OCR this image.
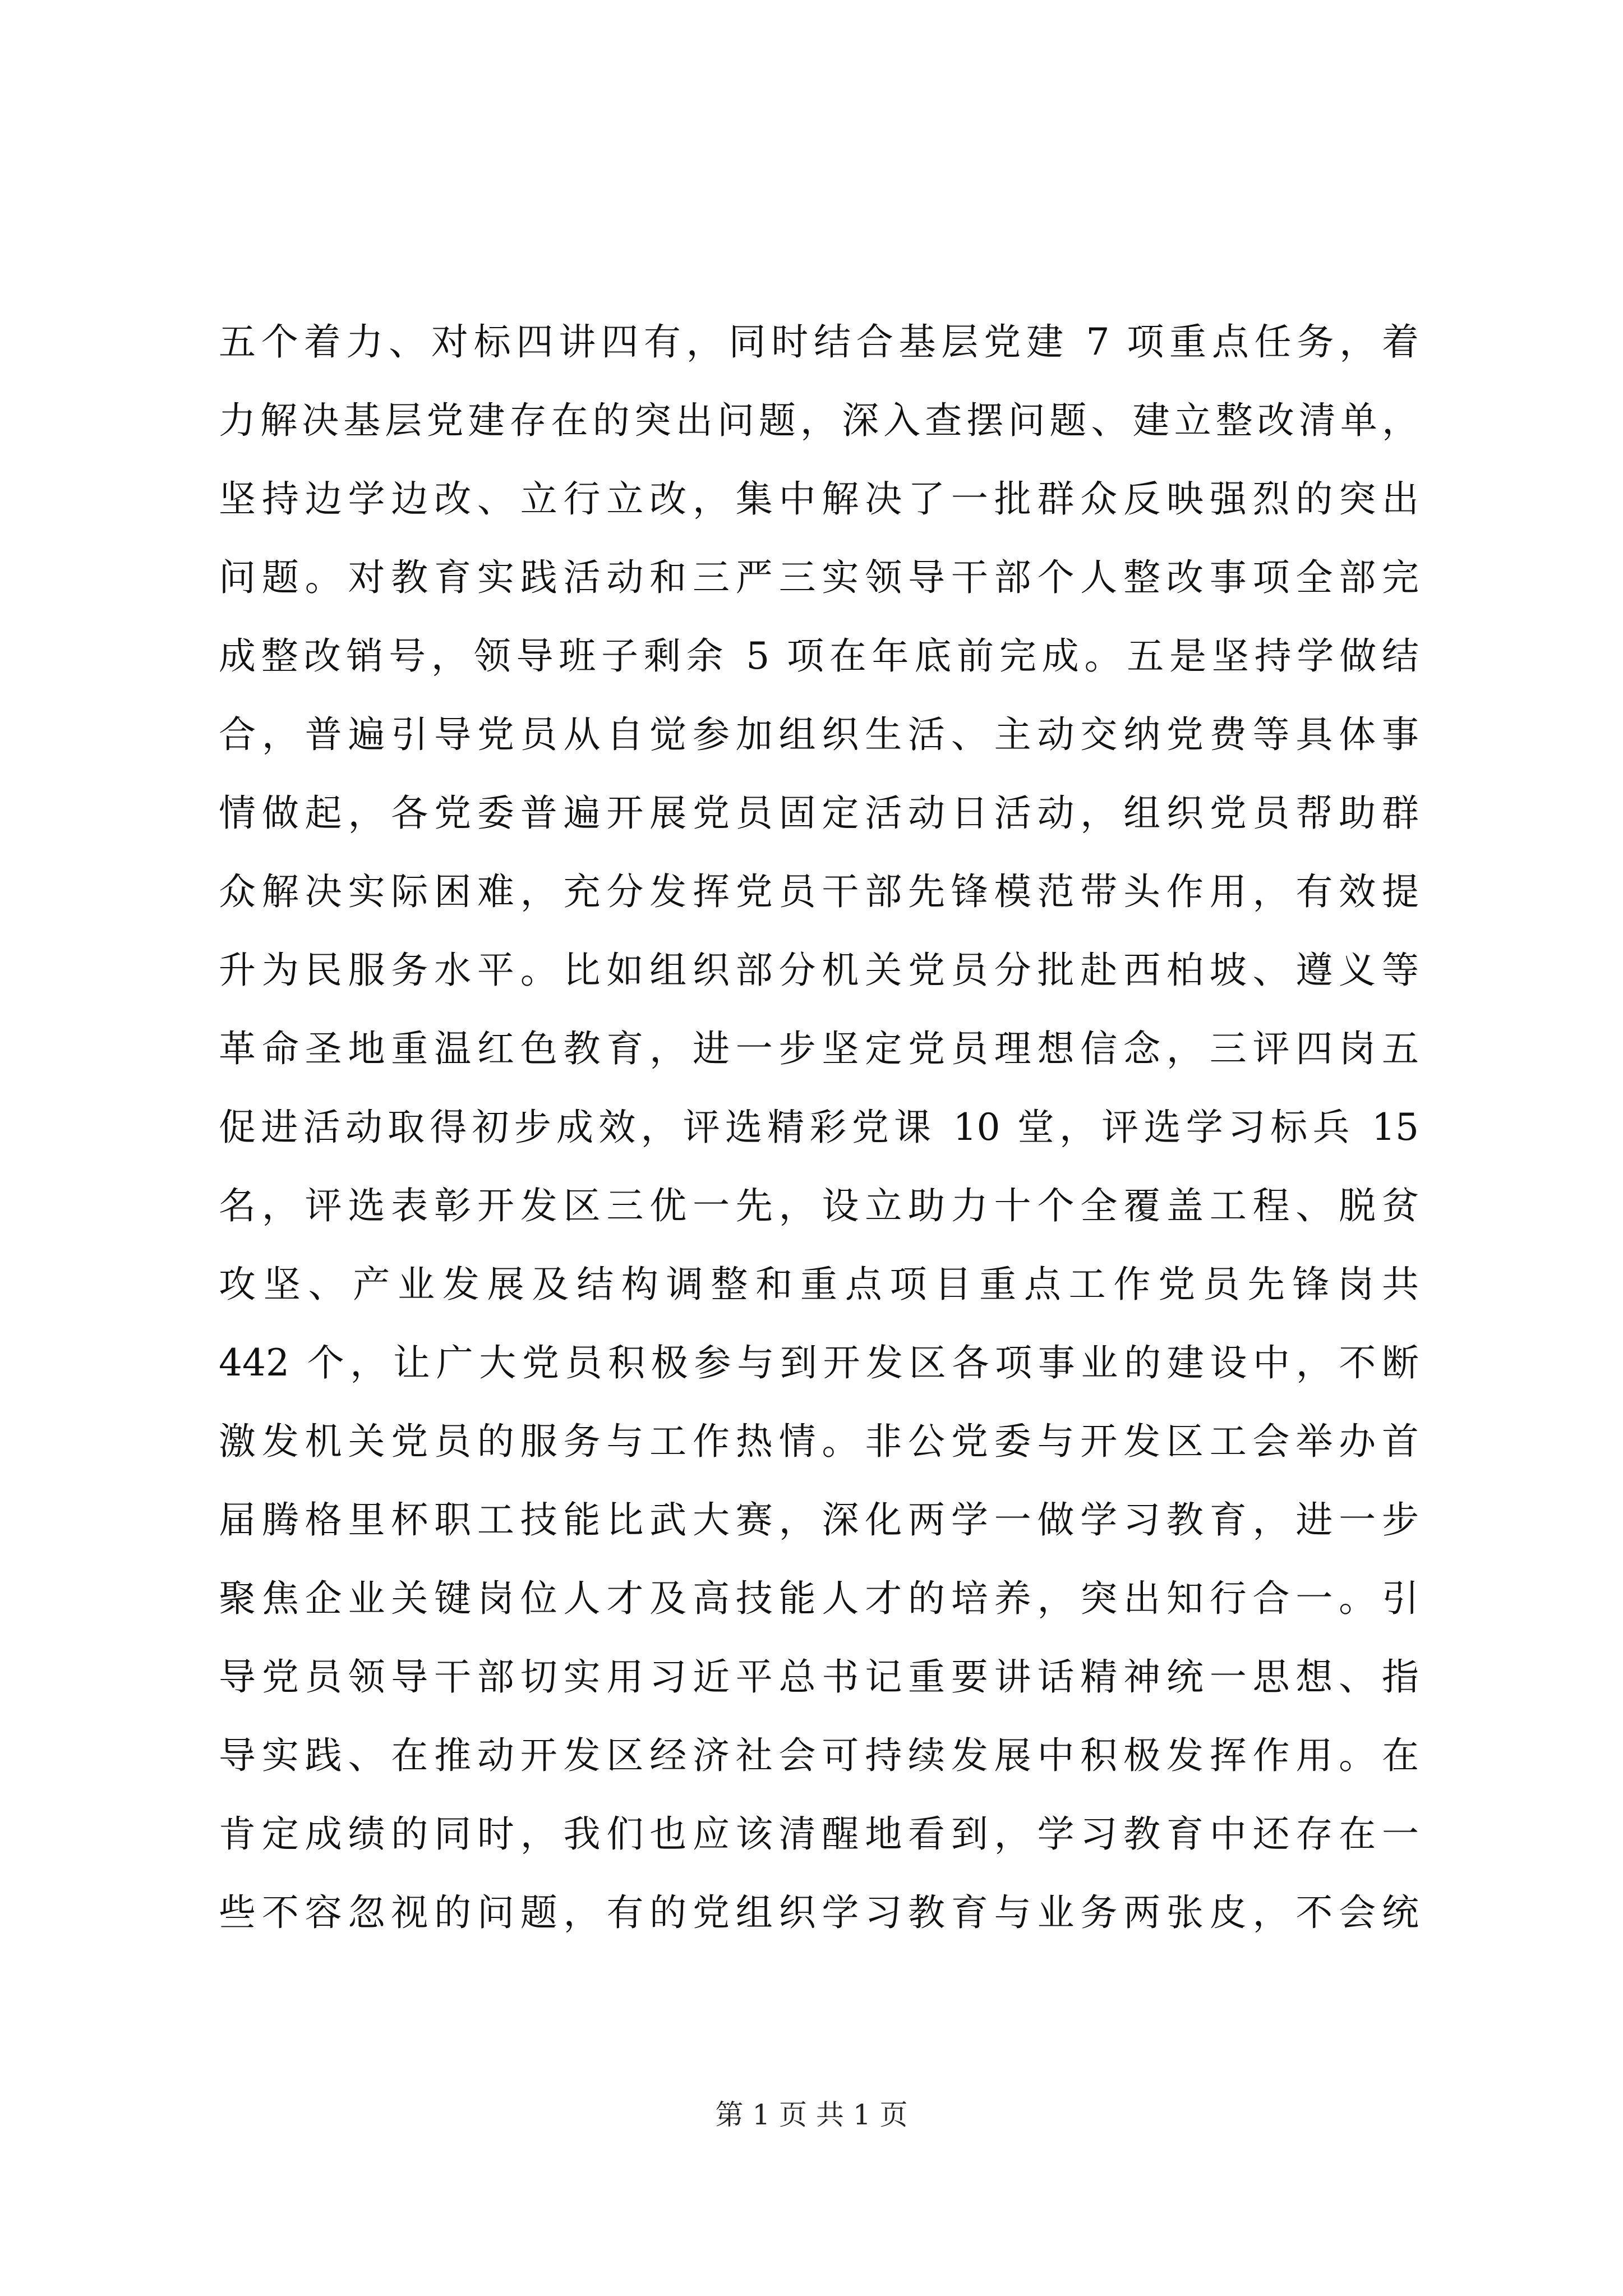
五个着力、对标四讲四有，同时结合基层党建 7 项重点任务，着
力解决基层党建存在的突出问题，深入查摆问题、建立整改清单，
坚持边学边改、立行立改，集中解决了一批群众反映强烈的突出
问题。对教育实践活动和三严三实领导干部个人整改事项全部完
成整改销号，领导班子剩余 5 项在年底前完成。五是坚持学做结
合，普遍引导党员从自觉参加组织生活、主动交纳党费等具体事
情做起，各党委普遍开展党员固定活动日活动，组织党员帮助群
众解决实际困难，充分发挥党员干部先锋模范带头作用，有效提
升为民服务水平。比如组织部分机关党员分批赴西柏坡、遵义等
革命圣地重温红色教育，进一步坚定党员理想信念，三评四岗五
促进活动取得初步成效，评选精彩党课 10 堂，评选学习标兵 15
名，评选表彰开发区三优一先，设立助力十个全覆盖工程、脱贫
攻坚、产业发展及结构调整和重点项目重点工作党员先锋岗共
442 个，让广大党员积极参与到开发区各项事业的建设中，不断
激发机关党员的服务与工作热情。非公党委与开发区工会举办首
届腾格里杯职工技能比武大赛，深化两学一做学习教育，进一步
聚焦企业关键岗位人才及高技能人才的培养，突出知行合一。引
导党员领导干部切实用习近平总书记重要讲话精神统一思想、指
导实践、在推动开发区经济社会可持续发展中积极发挥作用。在
肯定成绩的同时，我们也应该清醒地看到，学习教育中还存在一
些不容忽视的问题，有的党组织学习教育与业务两张皮，不会统
第 1 页 共 1 页
